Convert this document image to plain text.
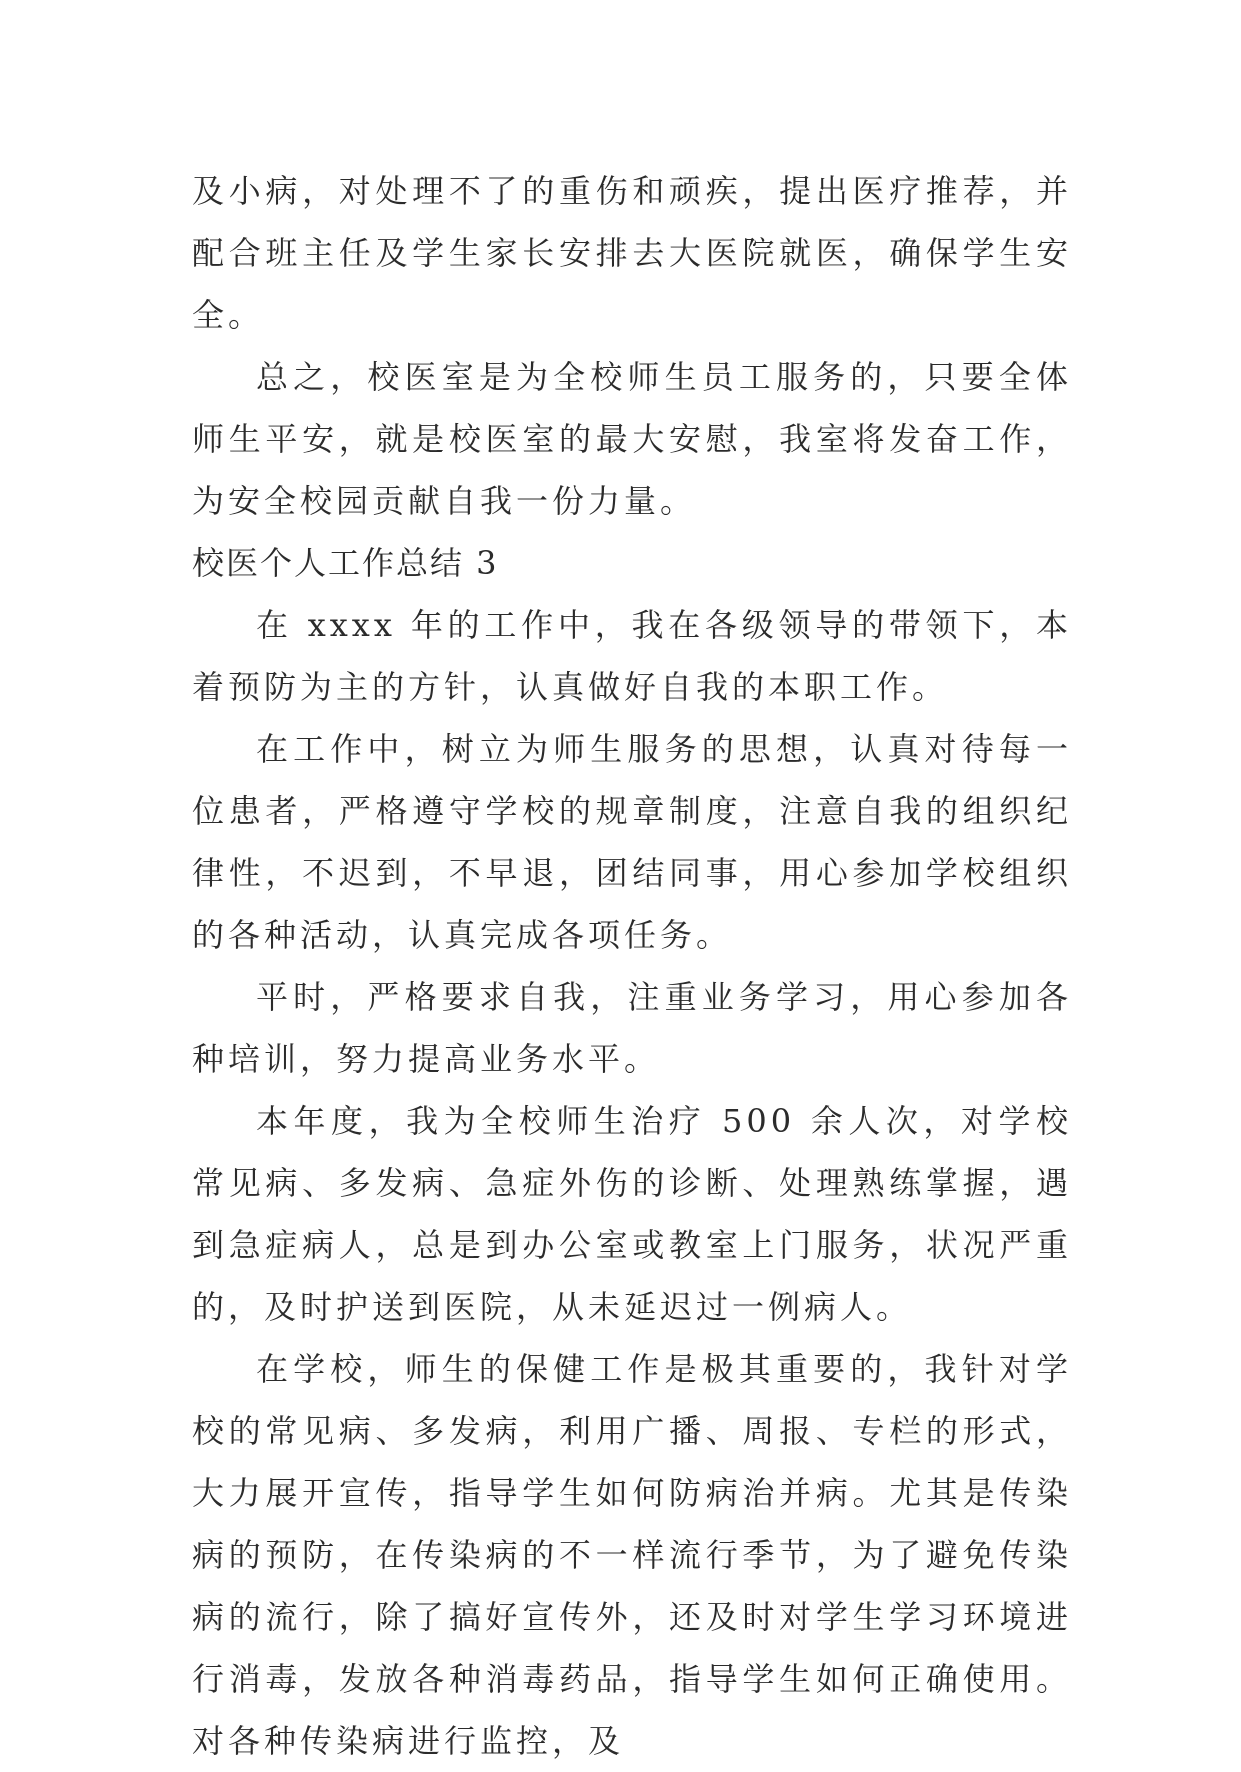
及小病，对处理不了的重伤和顽疾，提出医疗推荐，并配合班主任及学生家长安排去大医院就医，确保学生安全。

总之，校医室是为全校师生员工服务的，只要全体师生平安，就是校医室的最大安慰，我室将发奋工作，为安全校园贡献自我一份力量。

校医个人工作总结 3

在 xxxx 年的工作中，我在各级领导的带领下，本着预防为主的方针，认真做好自我的本职工作。

在工作中，树立为师生服务的思想，认真对待每一位患者，严格遵守学校的规章制度，注意自我的组织纪律性，不迟到，不早退，团结同事，用心参加学校组织的各种活动，认真完成各项任务。

平时，严格要求自我，注重业务学习，用心参加各种培训，努力提高业务水平。

本年度，我为全校师生治疗 500 余人次，对学校常见病、多发病、急症外伤的诊断、处理熟练掌握，遇到急症病人，总是到办公室或教室上门服务，状况严重的，及时护送到医院，从未延迟过一例病人。

在学校，师生的保健工作是极其重要的，我针对学校的常见病、多发病，利用广播、周报、专栏的形式，大力展开宣传，指导学生如何防病治并病。尤其是传染病的预防，在传染病的不一样流行季节，为了避免传染病的流行，除了搞好宣传外，还及时对学生学习环境进行消毒，发放各种消毒药品，指导学生如何正确使用。对各种传染病进行监控，及
